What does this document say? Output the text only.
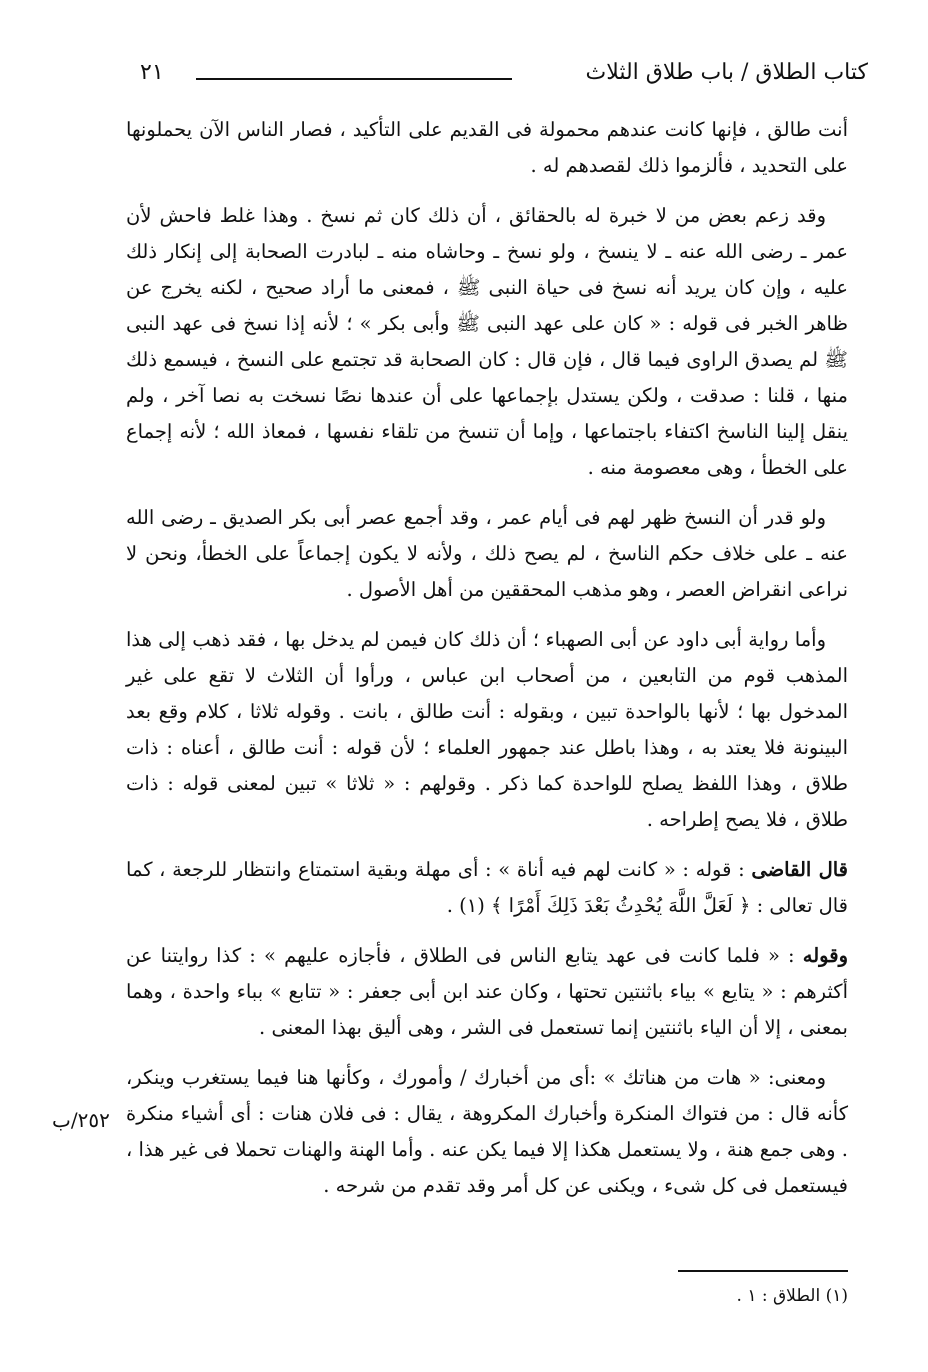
كتاب الطلاق / باب طلاق الثلاث
٢١

أنت طالق ، فإنها كانت عندهم محمولة فى القديم على التأكيد ، فصار الناس الآن يحملونها على التحديد ، فألزموا ذلك لقصدهم له .

وقد زعم بعض من لا خبرة له بالحقائق ، أن ذلك كان ثم نسخ . وهذا غلط فاحش لأن عمر ـ رضى الله عنه ـ لا ينسخ ، ولو نسخ ـ وحاشاه منه ـ لبادرت الصحابة إلى إنكار ذلك عليه ، وإن كان يريد أنه نسخ فى حياة النبى ﷺ ، فمعنى ما أراد صحيح ، لكنه يخرج عن ظاهر الخبر فى قوله : « كان على عهد النبى ﷺ وأبى بكر » ؛ لأنه إذا نسخ فى عهد النبى ﷺ لم يصدق الراوى فيما قال ، فإن قال : كان الصحابة قد تجتمع على النسخ ، فيسمع ذلك منها ، قلنا : صدقت ، ولكن يستدل بإجماعها على أن عندها نصًا نسخت به نصا آخر ، ولم ينقل إلينا الناسخ اكتفاء باجتماعها ، وإما أن تنسخ من تلقاء نفسها ، فمعاذ الله ؛ لأنه إجماع على الخطأ ، وهى معصومة منه .

ولو قدر أن النسخ ظهر لهم فى أيام عمر ، وقد أجمع عصر أبى بكر الصديق ـ رضى الله عنه ـ على خلاف حكم الناسخ ، لم يصح ذلك ، ولأنه لا يكون إجماعاً على الخطأ، ونحن لا نراعى انقراض العصر ، وهو مذهب المحققين من أهل الأصول .

وأما رواية أبى داود عن أبى الصهباء ؛ أن ذلك كان فيمن لم يدخل بها ، فقد ذهب إلى هذا المذهب قوم من التابعين ، من أصحاب ابن عباس ، ورأوا أن الثلاث لا تقع على غير المدخول بها ؛ لأنها بالواحدة تبين ، وبقوله : أنت طالق ، بانت . وقوله ثلاثا ، كلام وقع بعد البينونة فلا يعتد به ، وهذا باطل عند جمهور العلماء ؛ لأن قوله : أنت طالق ، أعناه : ذات طلاق ، وهذا اللفظ يصلح للواحدة كما ذكر . وقولهم : « ثلاثا » تبين لمعنى قوله : ذات طلاق ، فلا يصح إطراحه .

قال القاضى : قوله : « كانت لهم فيه أناة » : أى مهلة وبقية استمتاع وانتظار للرجعة ، كما قال تعالى : ﴿ لَعَلَّ اللَّهَ يُحْدِثُ بَعْدَ ذَلِكَ أَمْرًا ﴾ (١) .

وقوله : « فلما كانت فى عهد يتابع الناس فى الطلاق ، فأجازه عليهم » : كذا روايتنا عن أكثرهم : « يتايع » بياء باثنتين تحتها ، وكان عند ابن أبى جعفر : « تتابع » بباء واحدة ، وهما بمعنى ، إلا أن الياء باثنتين إنما تستعمل فى الشر ، وهى أليق بهذا المعنى .

ومعنى: « هات من هناتك » :أى من أخبارك / وأمورك ، وكأنها هنا فيما يستغرب وينكر، كأنه قال : من فتواك المنكرة وأخبارك المكروهة ، يقال : فى فلان هنات : أى أشياء منكرة . وهى جمع هنة ، ولا يستعمل هكذا إلا فيما يكن عنه . وأما الهنة والهنات تحملا فى غير هذا ، فيستعمل فى كل شىء ، ويكنى عن كل أمر وقد تقدم من شرحه .

٢٥٢/ب
(١) الطلاق : ١ .
